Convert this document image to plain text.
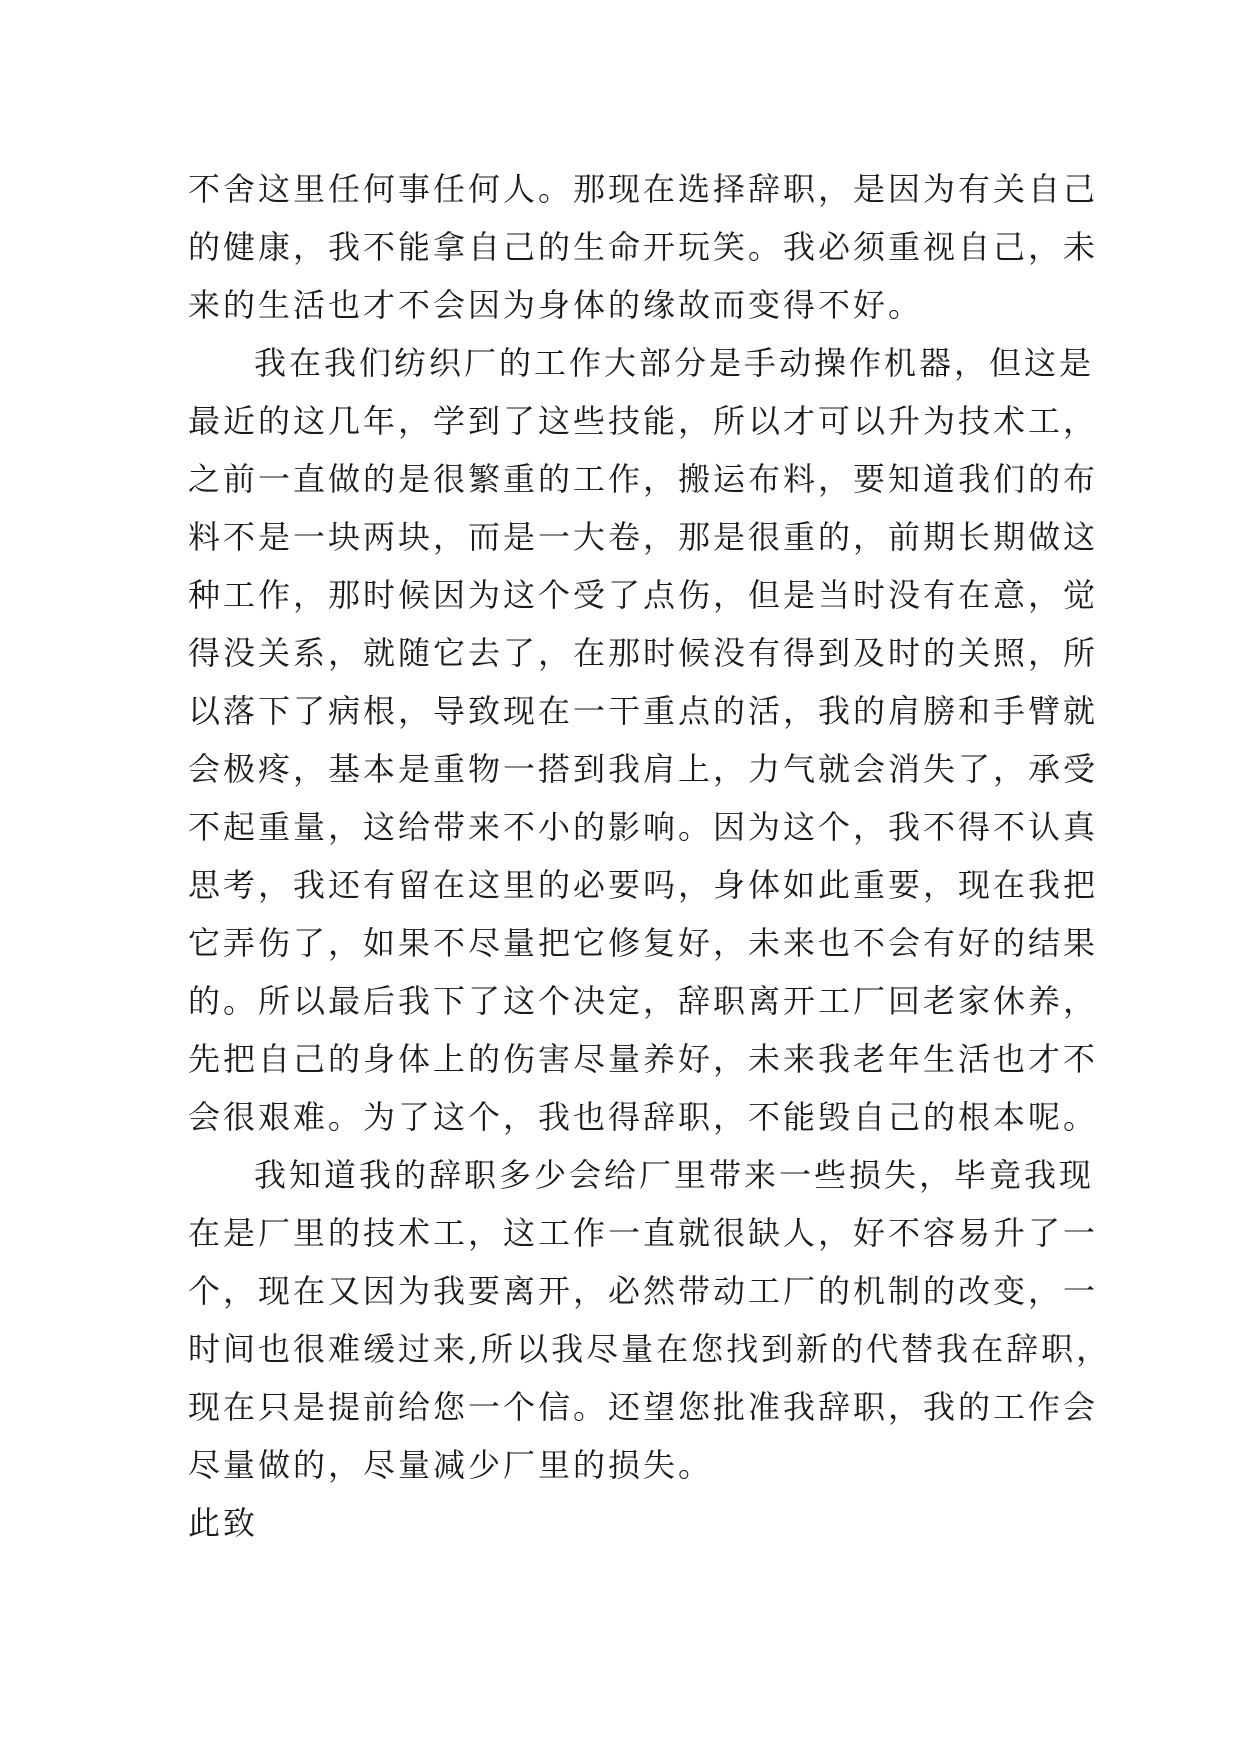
不舍这里任何事任何人。那现在选择辞职，是因为有关自己
的健康，我不能拿自己的生命开玩笑。我必须重视自己，未
来的生活也才不会因为身体的缘故而变得不好。
我在我们纺织厂的工作大部分是手动操作机器，但这是
最近的这几年，学到了这些技能，所以才可以升为技术工，
之前一直做的是很繁重的工作，搬运布料，要知道我们的布
料不是一块两块，而是一大卷，那是很重的，前期长期做这
种工作，那时候因为这个受了点伤，但是当时没有在意，觉
得没关系，就随它去了，在那时候没有得到及时的关照，所
以落下了病根，导致现在一干重点的活，我的肩膀和手臂就
会极疼，基本是重物一搭到我肩上，力气就会消失了，承受
不起重量，这给带来不小的影响。因为这个，我不得不认真
思考，我还有留在这里的必要吗，身体如此重要，现在我把
它弄伤了，如果不尽量把它修复好，未来也不会有好的结果
的。所以最后我下了这个决定，辞职离开工厂回老家休养，
先把自己的身体上的伤害尽量养好，未来我老年生活也才不
会很艰难。为了这个，我也得辞职，不能毁自己的根本呢。
我知道我的辞职多少会给厂里带来一些损失，毕竟我现
在是厂里的技术工，这工作一直就很缺人，好不容易升了一
个，现在又因为我要离开，必然带动工厂的机制的改变，一
时间也很难缓过来,所以我尽量在您找到新的代替我在辞职，
现在只是提前给您一个信。还望您批准我辞职，我的工作会
尽量做的，尽量减少厂里的损失。
此致
